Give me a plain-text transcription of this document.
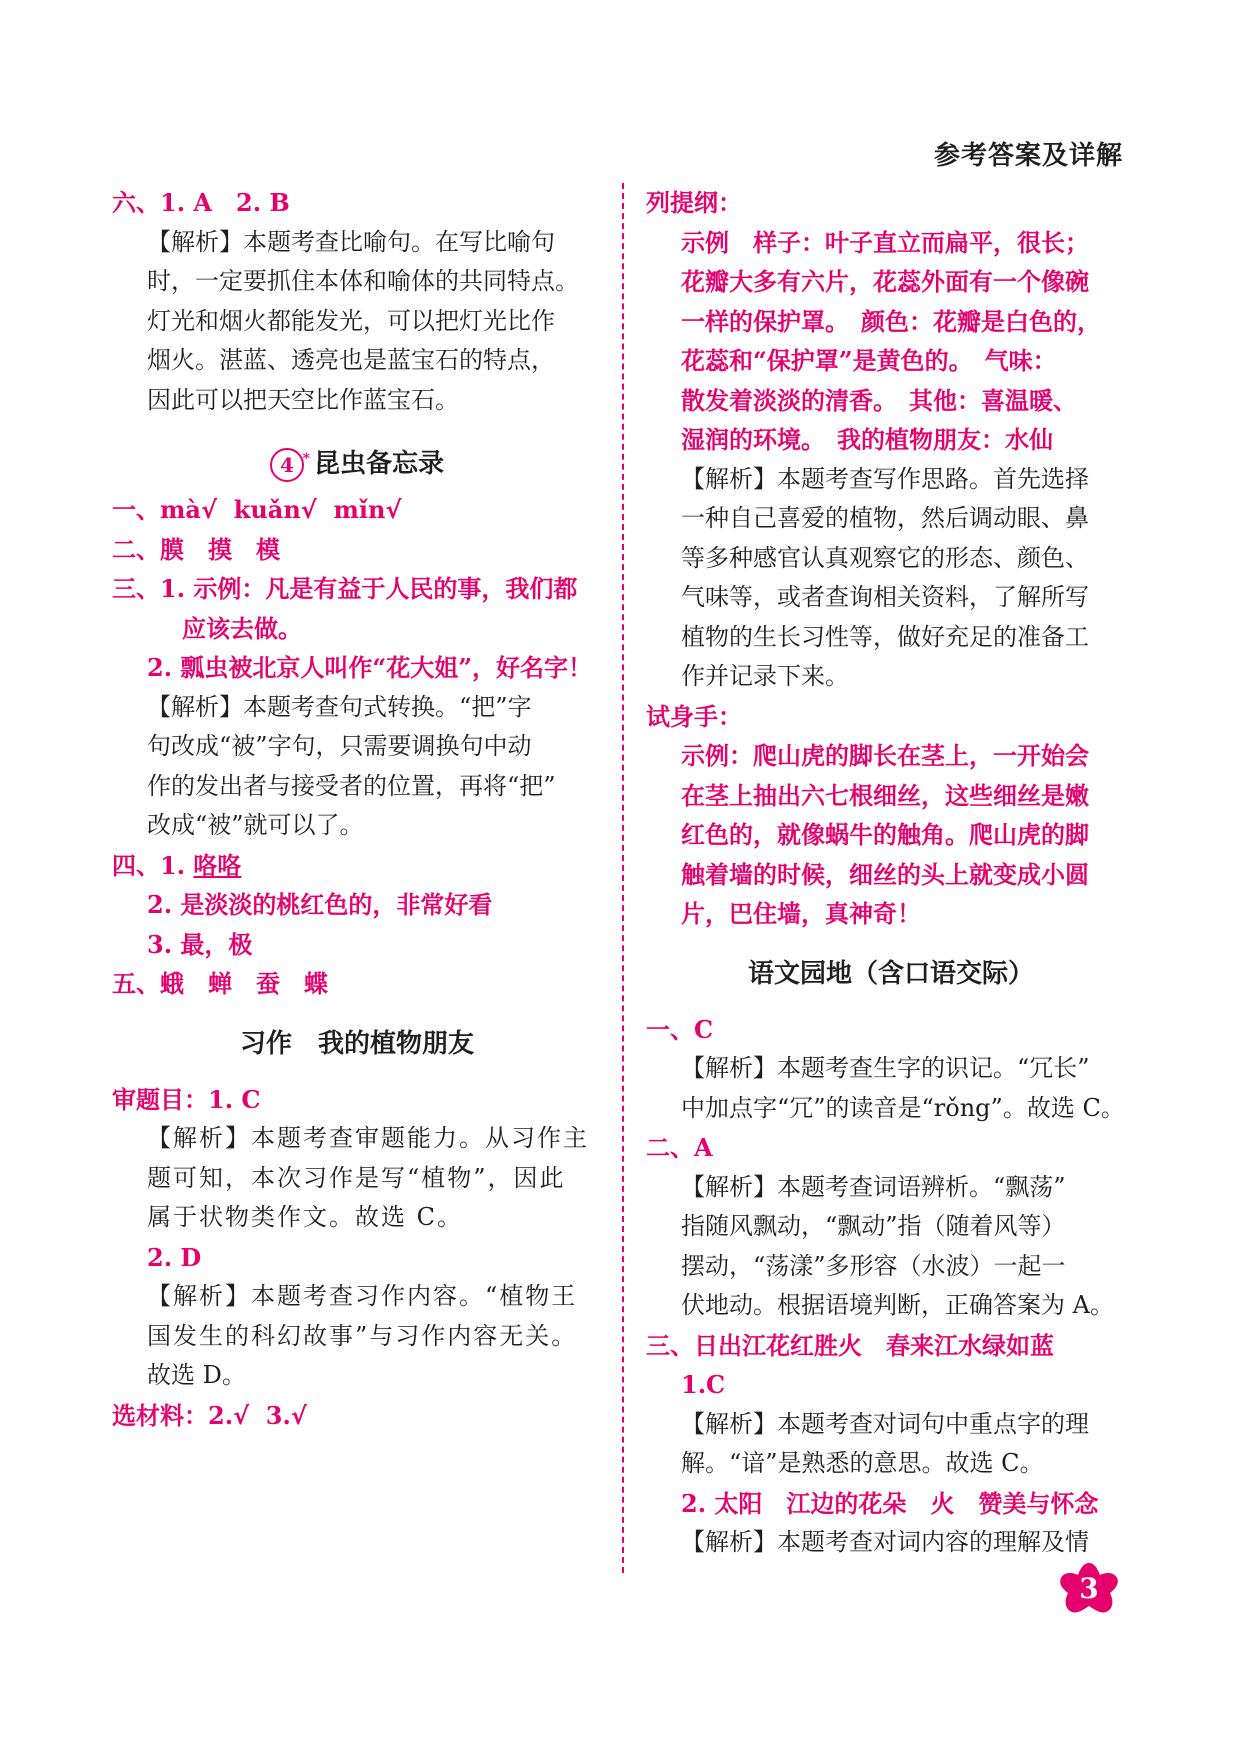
参考答案及详解
六、1. A　2. B
【解析】本题考查比喻句。在写比喻句
时，一定要抓住本体和喻体的共同特点。
灯光和烟火都能发光，可以把灯光比作
烟火。湛蓝、透亮也是蓝宝石的特点，
因此可以把天空比作蓝宝石。
4 * 昆虫备忘录
一、mà√ kuǎn√ mǐn√
二、膜　摸　模
三、1. 示例：凡是有益于人民的事，我们都
应该去做。
2. 瓢虫被北京人叫作“花大姐”，好名字！
【解析】本题考查句式转换。“把”字
句改成“被”字句，只需要调换句中动
作的发出者与接受者的位置，再将“把”
改成“被”就可以了。
四、1. 咯咯
2. 是淡淡的桃红色的，非常好看
3. 最，极
五、蛾　蝉　蚕　蝶
习作　我的植物朋友
审题目：1. C
【解析】本题考查审题能力。从习作主
题可知，本次习作是写“植物”，因此
属于状物类作文。故选 C。
2. D
【解析】本题考查习作内容。“植物王
国发生的科幻故事”与习作内容无关。
故选 D。
选材料：2.√ 3.√
列提纲：
示例　样子：叶子直立而扁平，很长；
花瓣大多有六片，花蕊外面有一个像碗
一样的保护罩。　颜色：花瓣是白色的，
花蕊和“保护罩”是黄色的。　气味：
散发着淡淡的清香。　其他：喜温暖、
湿润的环境。　我的植物朋友：水仙
【解析】本题考查写作思路。首先选择
一种自己喜爱的植物，然后调动眼、鼻
等多种感官认真观察它的形态、颜色、
气味等，或者查询相关资料，了解所写
植物的生长习性等，做好充足的准备工
作并记录下来。
试身手：
示例：爬山虎的脚长在茎上，一开始会
在茎上抽出六七根细丝，这些细丝是嫩
红色的，就像蜗牛的触角。爬山虎的脚
触着墙的时候，细丝的头上就变成小圆
片，巴住墙，真神奇！
语文园地（含口语交际）
一、C
【解析】本题考查生字的识记。“冗长”
中加点字“冗”的读音是“rǒng”。故选 C。
二、A
【解析】本题考查词语辨析。“飘荡”
指随风飘动，“飘动”指（随着风等）
摆动，“荡漾”多形容（水波）一起一
伏地动。根据语境判断，正确答案为 A。
三、日出江花红胜火　春来江水绿如蓝
1.C
【解析】本题考查对词句中重点字的理
解。“谙”是熟悉的意思。故选 C。
2. 太阳　江边的花朵　火　赞美与怀念
【解析】本题考查对词内容的理解及情
3
